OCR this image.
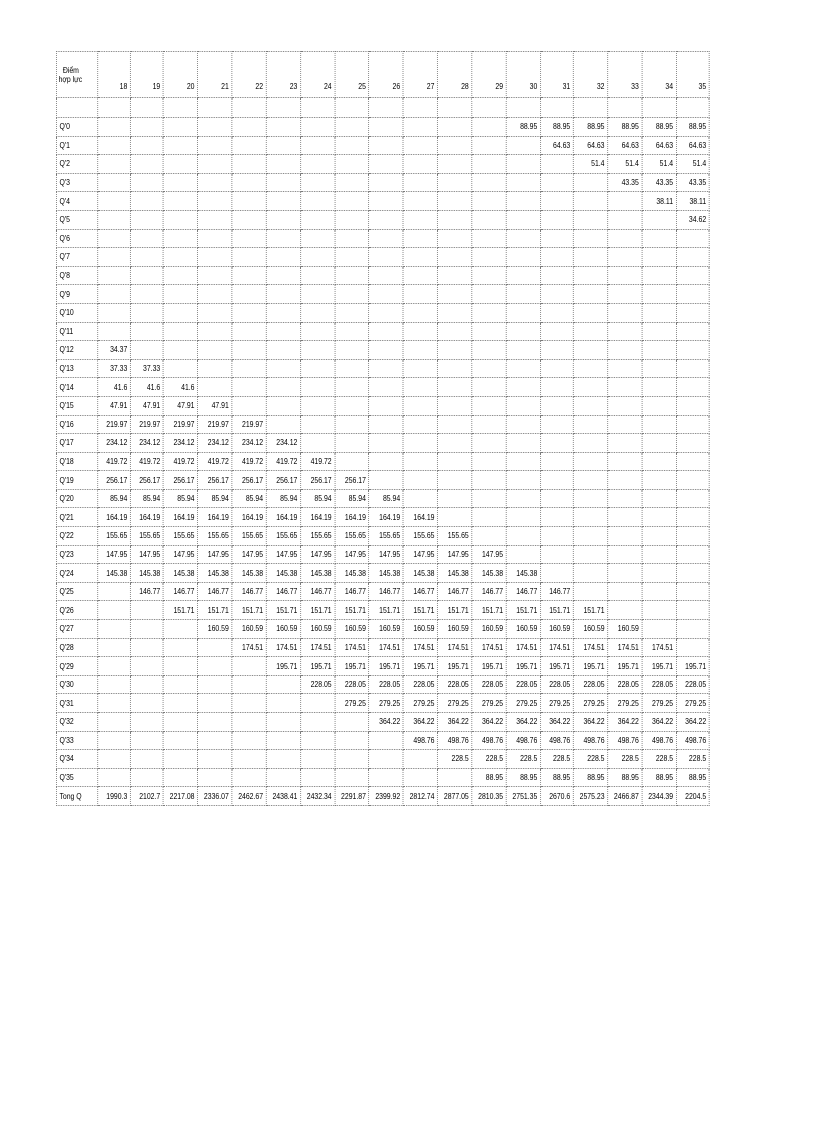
Điểm
hợp lực	18	19	20	21	22	23	24	25	26	27	28	29	30	31	32	33	34	35

Q'0													88.95	88.95	88.95	88.95	88.95	88.95
Q'1														64.63	64.63	64.63	64.63	64.63
Q'2															51.4	51.4	51.4	51.4
Q'3																43.35	43.35	43.35
Q'4																	38.11	38.11
Q'5																		34.62
Q'6																		
Q'7																		
Q'8																		
Q'9																		
Q'10																		
Q'11																		
Q'12	34.37																	
Q'13	37.33	37.33																
Q'14	41.6	41.6	41.6															
Q'15	47.91	47.91	47.91	47.91														
Q'16	219.97	219.97	219.97	219.97	219.97													
Q'17	234.12	234.12	234.12	234.12	234.12	234.12												
Q'18	419.72	419.72	419.72	419.72	419.72	419.72	419.72											
Q'19	256.17	256.17	256.17	256.17	256.17	256.17	256.17	256.17										
Q'20	85.94	85.94	85.94	85.94	85.94	85.94	85.94	85.94	85.94									
Q'21	164.19	164.19	164.19	164.19	164.19	164.19	164.19	164.19	164.19	164.19								
Q'22	155.65	155.65	155.65	155.65	155.65	155.65	155.65	155.65	155.65	155.65	155.65							
Q'23	147.95	147.95	147.95	147.95	147.95	147.95	147.95	147.95	147.95	147.95	147.95	147.95						
Q'24	145.38	145.38	145.38	145.38	145.38	145.38	145.38	145.38	145.38	145.38	145.38	145.38	145.38					
Q'25		146.77	146.77	146.77	146.77	146.77	146.77	146.77	146.77	146.77	146.77	146.77	146.77	146.77				
Q'26			151.71	151.71	151.71	151.71	151.71	151.71	151.71	151.71	151.71	151.71	151.71	151.71	151.71			
Q'27				160.59	160.59	160.59	160.59	160.59	160.59	160.59	160.59	160.59	160.59	160.59	160.59	160.59		
Q'28					174.51	174.51	174.51	174.51	174.51	174.51	174.51	174.51	174.51	174.51	174.51	174.51	174.51	
Q'29						195.71	195.71	195.71	195.71	195.71	195.71	195.71	195.71	195.71	195.71	195.71	195.71	195.71
Q'30							228.05	228.05	228.05	228.05	228.05	228.05	228.05	228.05	228.05	228.05	228.05	228.05
Q'31								279.25	279.25	279.25	279.25	279.25	279.25	279.25	279.25	279.25	279.25	279.25
Q'32									364.22	364.22	364.22	364.22	364.22	364.22	364.22	364.22	364.22	364.22
Q'33										498.76	498.76	498.76	498.76	498.76	498.76	498.76	498.76	498.76
Q'34											228.5	228.5	228.5	228.5	228.5	228.5	228.5	228.5
Q'35												88.95	88.95	88.95	88.95	88.95	88.95	88.95
Tong Q	1990.3	2102.7	2217.08	2336.07	2462.67	2438.41	2432.34	2291.87	2399.92	2812.74	2877.05	2810.35	2751.35	2670.6	2575.23	2466.87	2344.39	2204.5
